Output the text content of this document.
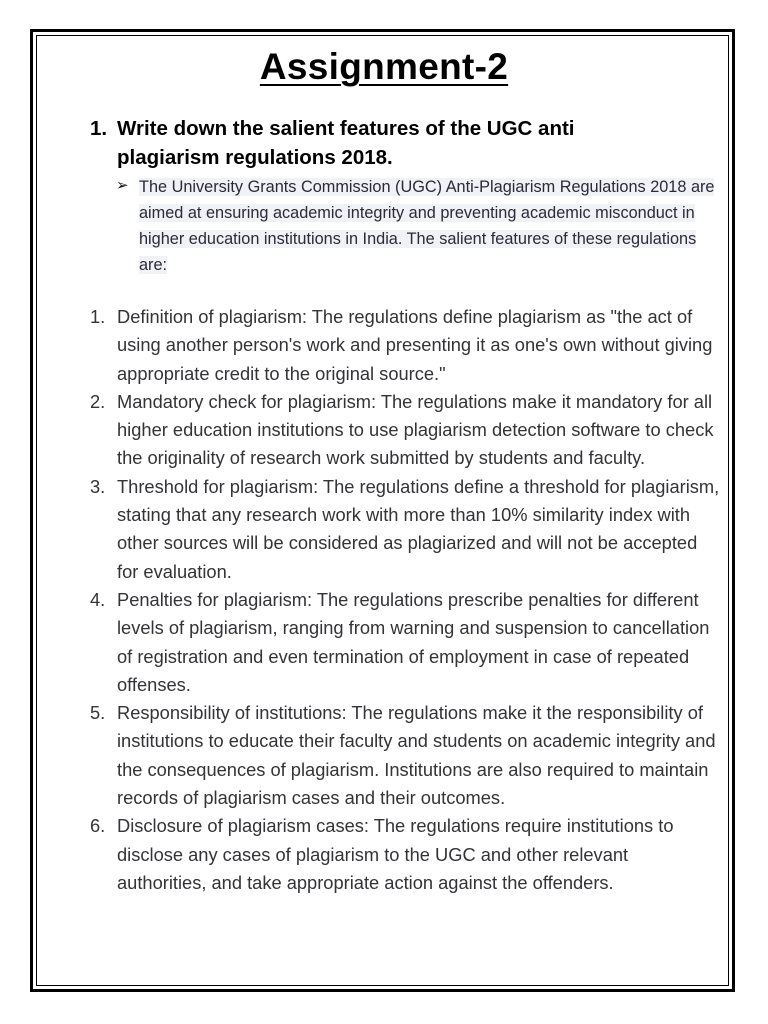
Assignment-2
1. Write down the salient features of the UGC anti plagiarism regulations 2018.
➢ The University Grants Commission (UGC) Anti-Plagiarism Regulations 2018 are aimed at ensuring academic integrity and preventing academic misconduct in higher education institutions in India. The salient features of these regulations are:
1. Definition of plagiarism: The regulations define plagiarism as "the act of using another person's work and presenting it as one's own without giving appropriate credit to the original source."
2. Mandatory check for plagiarism: The regulations make it mandatory for all higher education institutions to use plagiarism detection software to check the originality of research work submitted by students and faculty.
3. Threshold for plagiarism: The regulations define a threshold for plagiarism, stating that any research work with more than 10% similarity index with other sources will be considered as plagiarized and will not be accepted for evaluation.
4. Penalties for plagiarism: The regulations prescribe penalties for different levels of plagiarism, ranging from warning and suspension to cancellation of registration and even termination of employment in case of repeated offenses.
5. Responsibility of institutions: The regulations make it the responsibility of institutions to educate their faculty and students on academic integrity and the consequences of plagiarism. Institutions are also required to maintain records of plagiarism cases and their outcomes.
6. Disclosure of plagiarism cases: The regulations require institutions to disclose any cases of plagiarism to the UGC and other relevant authorities, and take appropriate action against the offenders.
